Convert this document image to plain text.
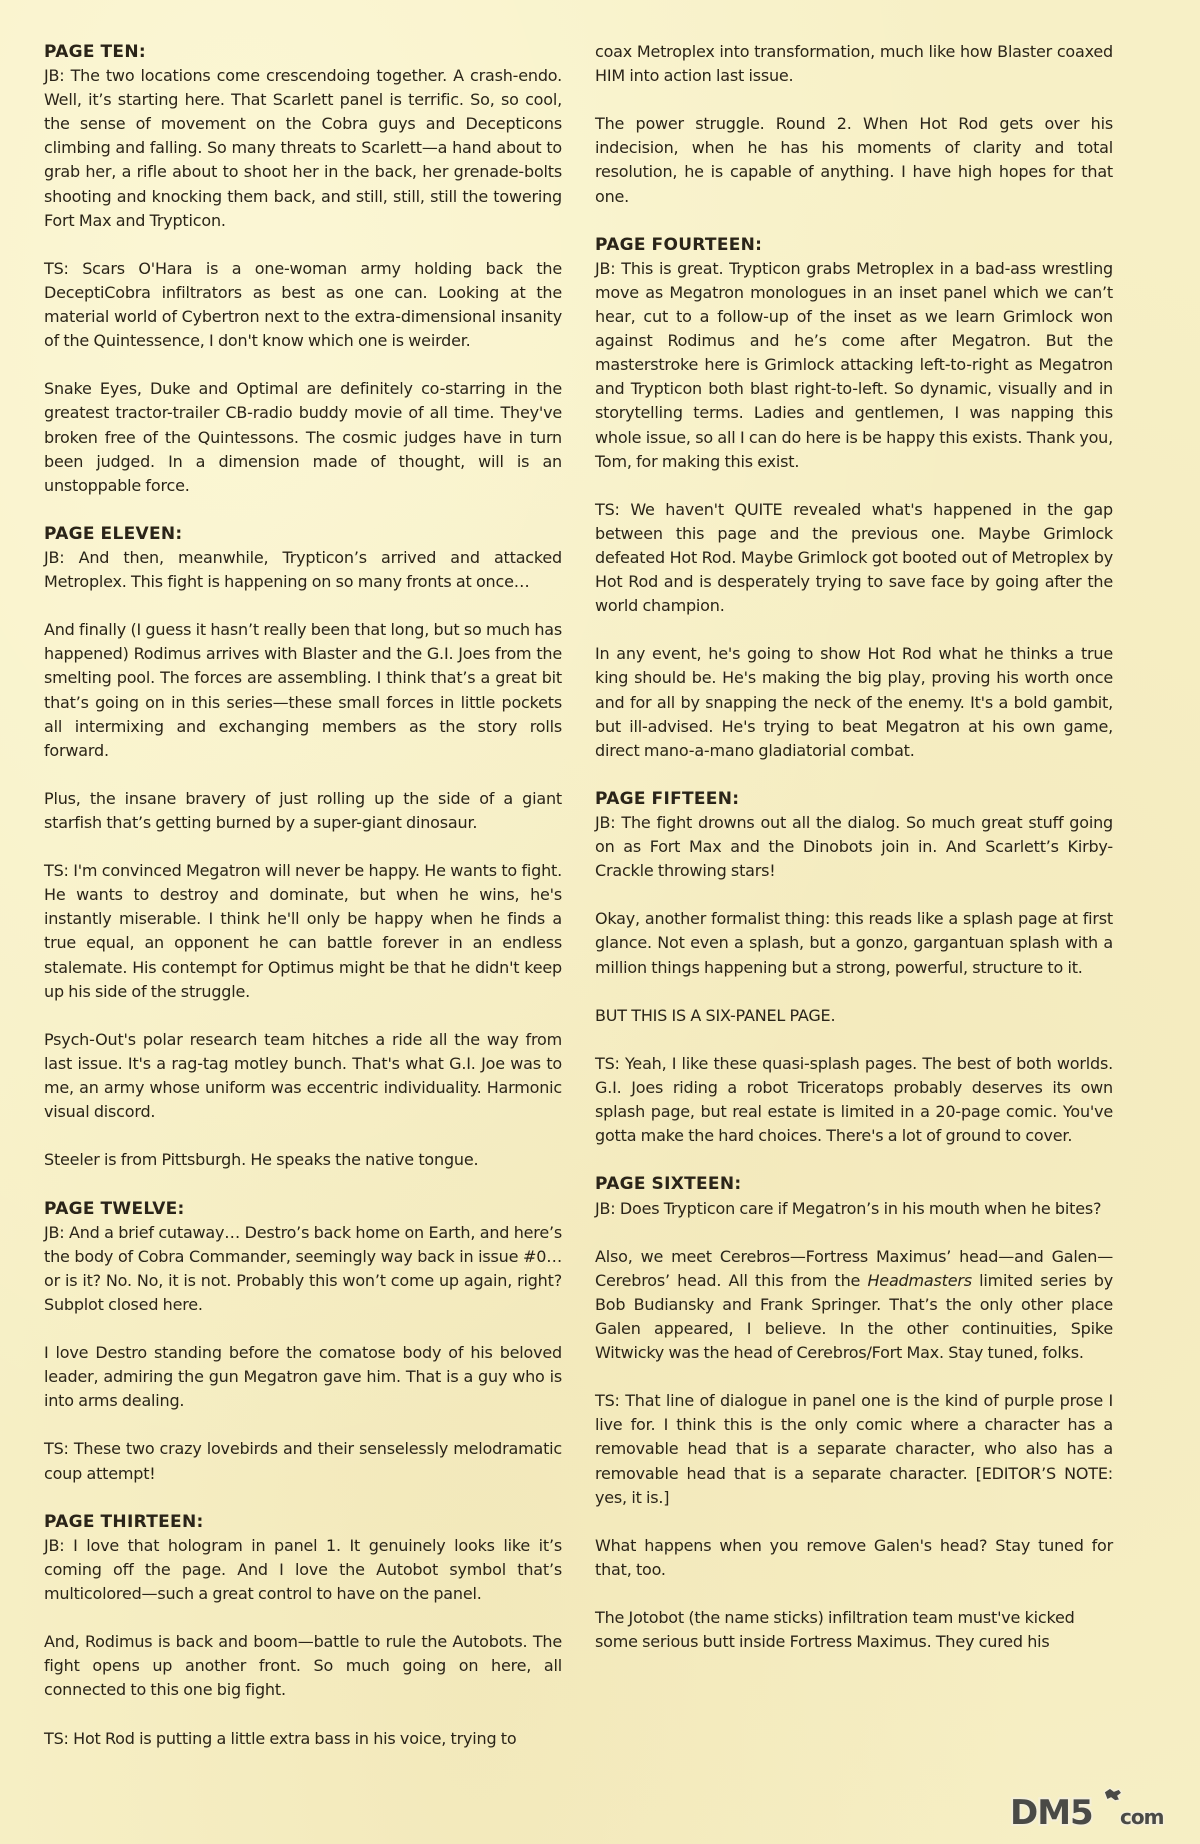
PAGE TEN:

JB: The two locations come crescendoing together. A crash-endo. Well, it’s starting here. That Scarlett panel is terrific. So, so cool, the sense of movement on the Cobra guys and Decepticons climbing and falling. So many threats to Scarlett—a hand about to grab her, a rifle about to shoot her in the back, her grenade-bolts shooting and knocking them back, and still, still, still the towering Fort Max and Trypticon.

TS: Scars O'Hara is a one-woman army holding back the DeceptiCobra infiltrators as best as one can. Looking at the material world of Cybertron next to the extra-dimensional insanity of the Quintessence, I don't know which one is weirder.

Snake Eyes, Duke and Optimal are definitely co-starring in the greatest tractor-trailer CB-radio buddy movie of all time. They've broken free of the Quintessons. The cosmic judges have in turn been judged. In a dimension made of thought, will is an unstoppable force.

PAGE ELEVEN:

JB: And then, meanwhile, Trypticon’s arrived and attacked Metroplex. This fight is happening on so many fronts at once…

And finally (I guess it hasn’t really been that long, but so much has happened) Rodimus arrives with Blaster and the G.I. Joes from the smelting pool. The forces are assembling. I think that’s a great bit that’s going on in this series—these small forces in little pockets all intermixing and exchanging members as the story rolls forward.

Plus, the insane bravery of just rolling up the side of a giant starfish that’s getting burned by a super-giant dinosaur.

TS: I'm convinced Megatron will never be happy. He wants to fight. He wants to destroy and dominate, but when he wins, he's instantly miserable. I think he'll only be happy when he finds a true equal, an opponent he can battle forever in an endless stalemate. His contempt for Optimus might be that he didn't keep up his side of the struggle.

Psych-Out's polar research team hitches a ride all the way from last issue. It's a rag-tag motley bunch. That's what G.I. Joe was to me, an army whose uniform was eccentric individuality. Harmonic visual discord.

Steeler is from Pittsburgh. He speaks the native tongue.

PAGE TWELVE:

JB: And a brief cutaway… Destro’s back home on Earth, and here’s the body of Cobra Commander, seemingly way back in issue #0… or is it? No. No, it is not. Probably this won’t come up again, right? Subplot closed here.

I love Destro standing before the comatose body of his beloved leader, admiring the gun Megatron gave him. That is a guy who is into arms dealing.

TS: These two crazy lovebirds and their senselessly melodramatic coup attempt!

PAGE THIRTEEN:

JB: I love that hologram in panel 1. It genuinely looks like it’s coming off the page. And I love the Autobot symbol that’s multicolored—such a great control to have on the panel.

And, Rodimus is back and boom—battle to rule the Autobots. The fight opens up another front. So much going on here, all connected to this one big fight.

TS: Hot Rod is putting a little extra bass in his voice, trying to

coax Metroplex into transformation, much like how Blaster coaxed HIM into action last issue.

The power struggle. Round 2. When Hot Rod gets over his indecision, when he has his moments of clarity and total resolution, he is capable of anything. I have high hopes for that one.

PAGE FOURTEEN:

JB: This is great. Trypticon grabs Metroplex in a bad-ass wrestling move as Megatron monologues in an inset panel which we can’t hear, cut to a follow-up of the inset as we learn Grimlock won against Rodimus and he’s come after Megatron. But the masterstroke here is Grimlock attacking left-to-right as Megatron and Trypticon both blast right-to-left. So dynamic, visually and in storytelling terms. Ladies and gentlemen, I was napping this whole issue, so all I can do here is be happy this exists. Thank you, Tom, for making this exist.

TS: We haven't QUITE revealed what's happened in the gap between this page and the previous one. Maybe Grimlock defeated Hot Rod. Maybe Grimlock got booted out of Metroplex by Hot Rod and is desperately trying to save face by going after the world champion.

In any event, he's going to show Hot Rod what he thinks a true king should be. He's making the big play, proving his worth once and for all by snapping the neck of the enemy. It's a bold gambit, but ill-advised. He's trying to beat Megatron at his own game, direct mano-a-mano gladiatorial combat.

PAGE FIFTEEN:

JB: The fight drowns out all the dialog. So much great stuff going on as Fort Max and the Dinobots join in. And Scarlett’s Kirby-Crackle throwing stars!

Okay, another formalist thing: this reads like a splash page at first glance. Not even a splash, but a gonzo, gargantuan splash with a million things happening but a strong, powerful, structure to it.

BUT THIS IS A SIX-PANEL PAGE.

TS: Yeah, I like these quasi-splash pages. The best of both worlds. G.I. Joes riding a robot Triceratops probably deserves its own splash page, but real estate is limited in a 20-page comic. You've gotta make the hard choices. There's a lot of ground to cover.

PAGE SIXTEEN:

JB: Does Trypticon care if Megatron’s in his mouth when he bites?

Also, we meet Cerebros—Fortress Maximus’ head—and Galen—Cerebros’ head. All this from the Headmasters limited series by Bob Budiansky and Frank Springer. That’s the only other place Galen appeared, I believe. In the other continuities, Spike Witwicky was the head of Cerebros/Fort Max. Stay tuned, folks.

TS: That line of dialogue in panel one is the kind of purple prose I live for. I think this is the only comic where a character has a removable head that is a separate character, who also has a removable head that is a separate character. [EDITOR’S NOTE: yes, it is.]

What happens when you remove Galen's head? Stay tuned for that, too.

The Jotobot (the name sticks) infiltration team must've kicked some serious butt inside Fortress Maximus. They cured his

DM5 com
